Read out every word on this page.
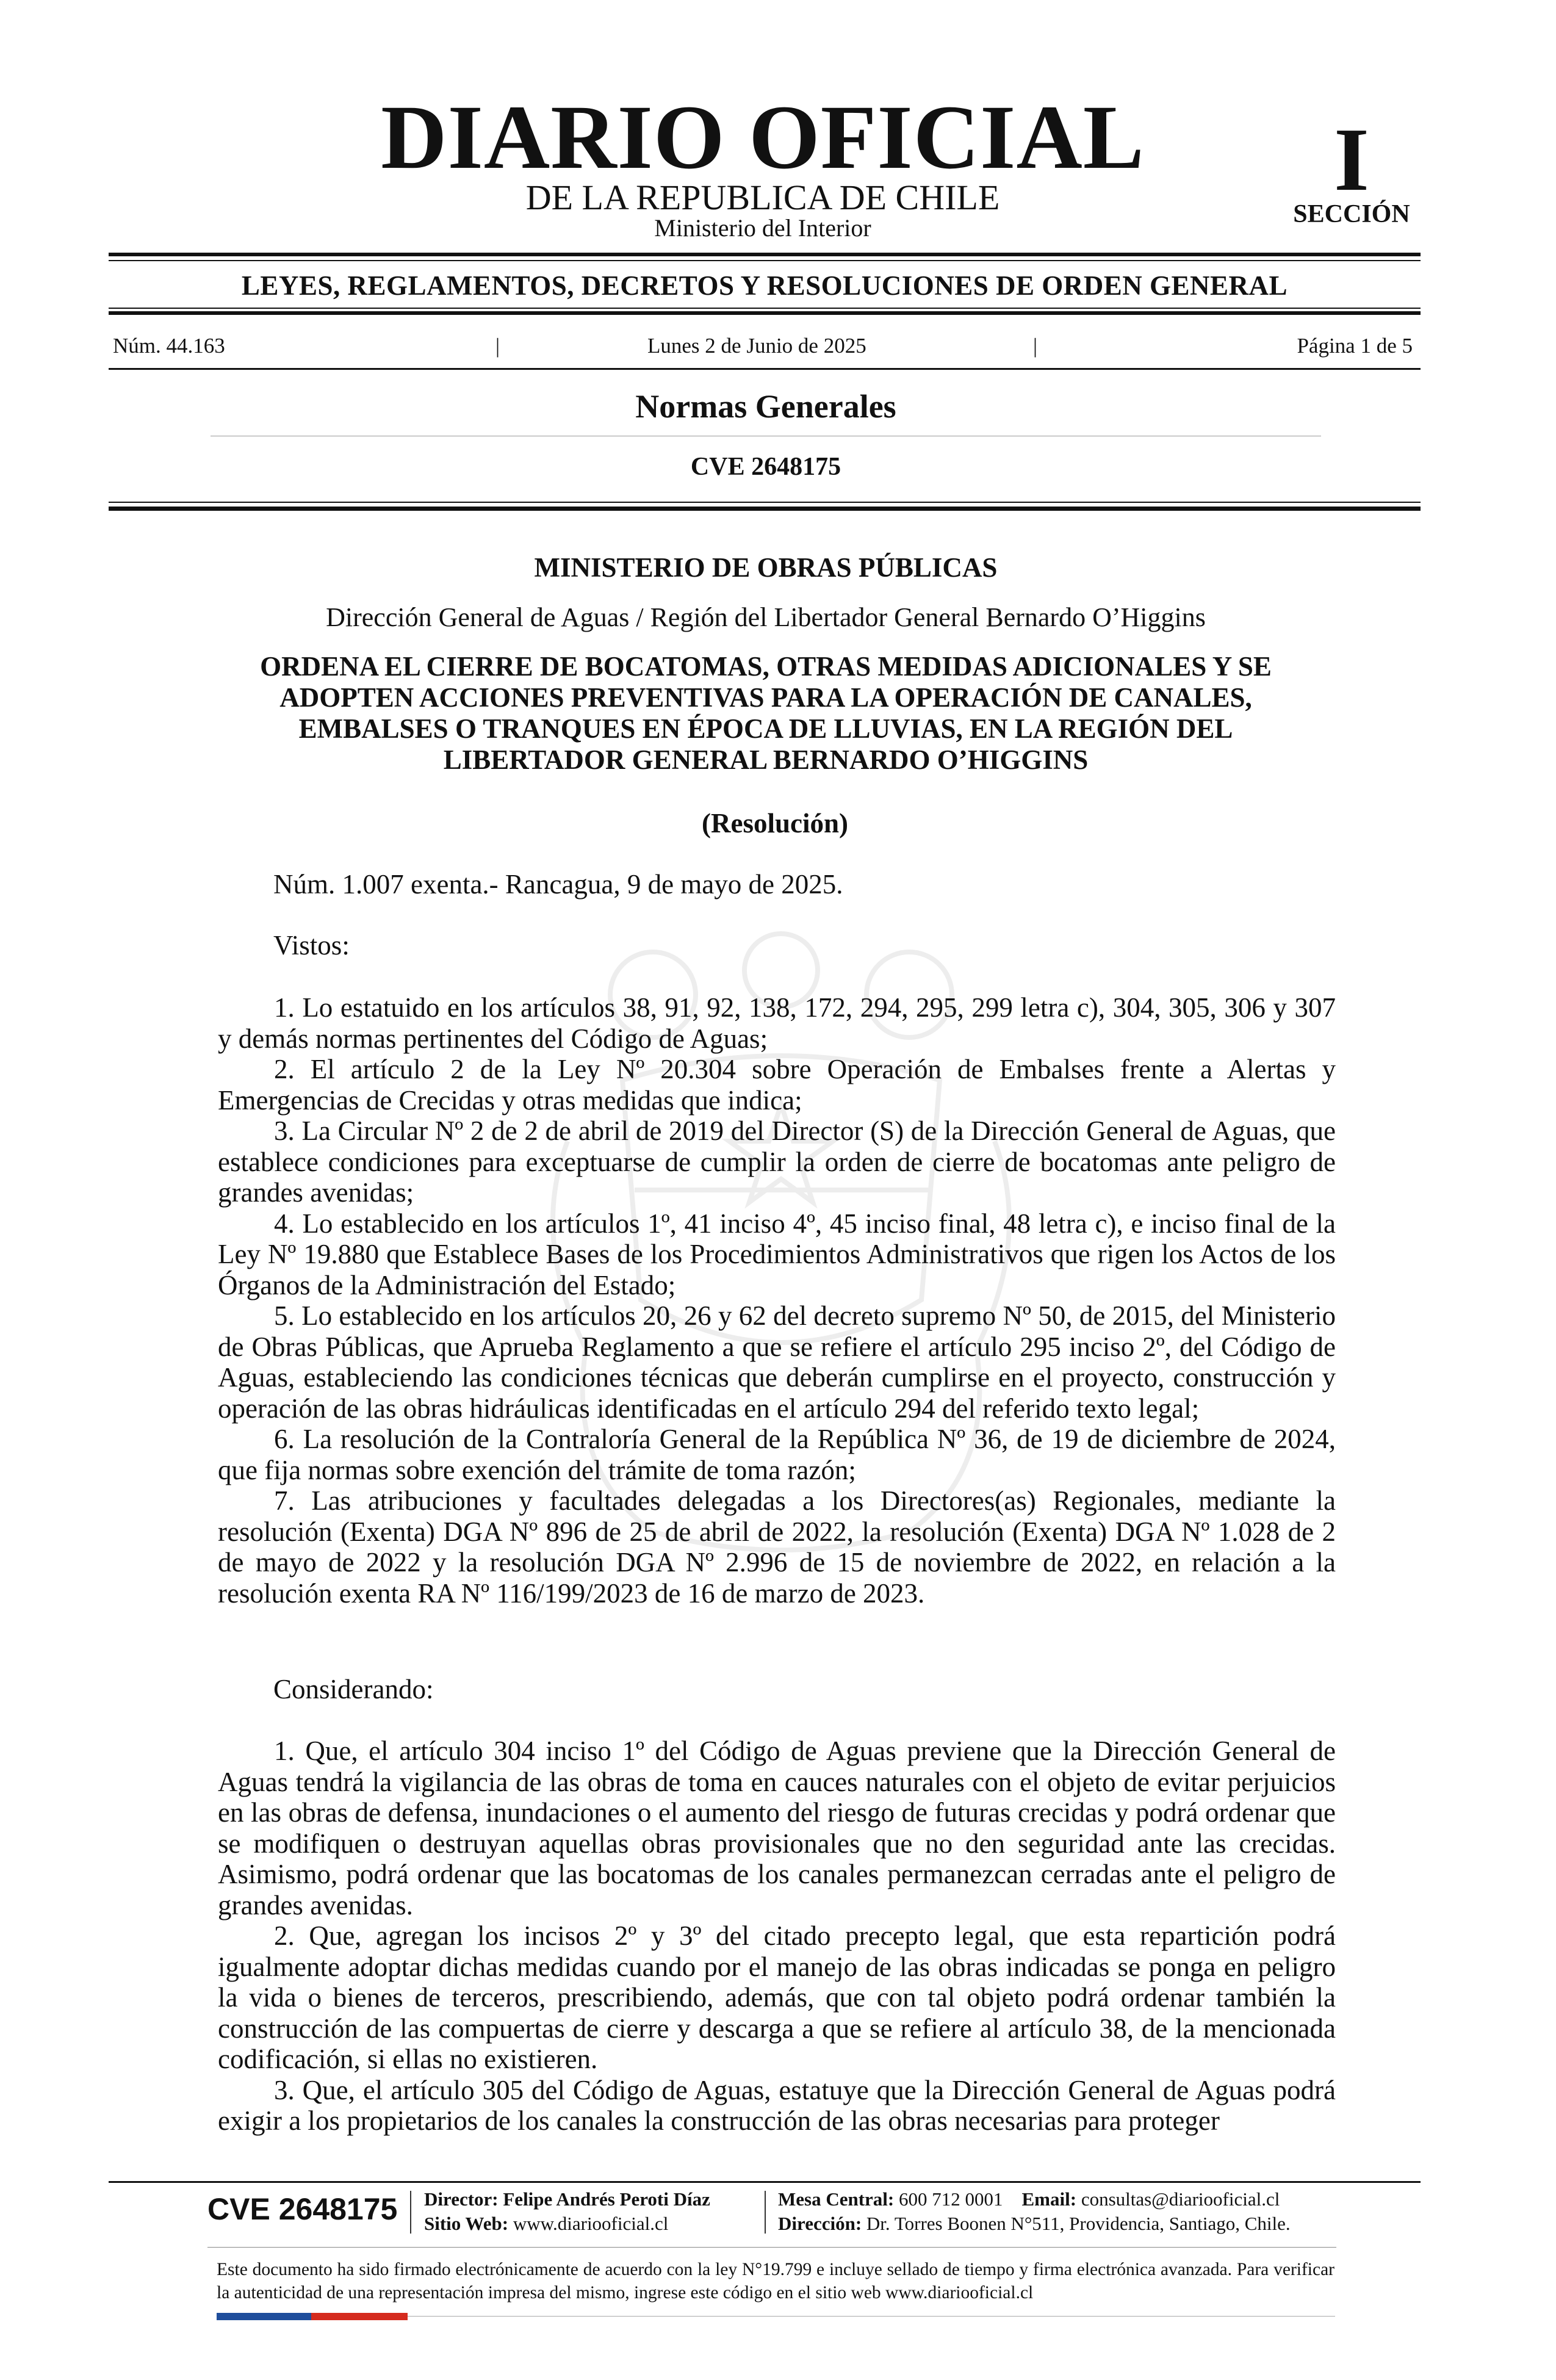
DIARIO OFICIAL
DE LA REPUBLICA DE CHILE
Ministerio del Interior
I
SECCIÓN
LEYES, REGLAMENTOS, DECRETOS Y RESOLUCIONES DE ORDEN GENERAL
Núm. 44.163	|	Lunes 2 de Junio de 2025	|	Página 1 de 5
Normas Generales
CVE 2648175
MINISTERIO DE OBRAS PÚBLICAS
Dirección General de Aguas / Región del Libertador General Bernardo O’Higgins
ORDENA EL CIERRE DE BOCATOMAS, OTRAS MEDIDAS ADICIONALES Y SE
ADOPTEN ACCIONES PREVENTIVAS PARA LA OPERACIÓN DE CANALES,
EMBALSES O TRANQUES EN ÉPOCA DE LLUVIAS, EN LA REGIÓN DEL
LIBERTADOR GENERAL BERNARDO O’HIGGINS
(Resolución)
Núm. 1.007 exenta.- Rancagua, 9 de mayo de 2025.
Vistos:

1. Lo estatuido en los artículos 38, 91, 92, 138, 172, 294, 295, 299 letra c), 304, 305, 306 y 307 y demás normas pertinentes del Código de Aguas;

2. El artículo 2 de la Ley Nº 20.304 sobre Operación de Embalses frente a Alertas y Emergencias de Crecidas y otras medidas que indica;

3. La Circular Nº 2 de 2 de abril de 2019 del Director (S) de la Dirección General de Aguas, que establece condiciones para exceptuarse de cumplir la orden de cierre de bocatomas ante peligro de grandes avenidas;

4. Lo establecido en los artículos 1º, 41 inciso 4º, 45 inciso final, 48 letra c), e inciso final de la Ley Nº 19.880 que Establece Bases de los Procedimientos Administrativos que rigen los Actos de los Órganos de la Administración del Estado;

5. Lo establecido en los artículos 20, 26 y 62 del decreto supremo Nº 50, de 2015, del Ministerio de Obras Públicas, que Aprueba Reglamento a que se refiere el artículo 295 inciso 2º, del Código de Aguas, estableciendo las condiciones técnicas que deberán cumplirse en el proyecto, construcción y operación de las obras hidráulicas identificadas en el artículo 294 del referido texto legal;

6. La resolución de la Contraloría General de la República Nº 36, de 19 de diciembre de 2024, que fija normas sobre exención del trámite de toma razón;

7. Las atribuciones y facultades delegadas a los Directores(as) Regionales, mediante la resolución (Exenta) DGA Nº 896 de 25 de abril de 2022, la resolución (Exenta) DGA Nº 1.028 de 2 de mayo de 2022 y la resolución DGA Nº 2.996 de 15 de noviembre de 2022, en relación a la resolución exenta RA Nº 116/199/2023 de 16 de marzo de 2023.

Considerando:

1. Que, el artículo 304 inciso 1º del Código de Aguas previene que la Dirección General de Aguas tendrá la vigilancia de las obras de toma en cauces naturales con el objeto de evitar perjuicios en las obras de defensa, inundaciones o el aumento del riesgo de futuras crecidas y podrá ordenar que se modifiquen o destruyan aquellas obras provisionales que no den seguridad ante las crecidas. Asimismo, podrá ordenar que las bocatomas de los canales permanezcan cerradas ante el peligro de grandes avenidas.

2. Que, agregan los incisos 2º y 3º del citado precepto legal, que esta repartición podrá igualmente adoptar dichas medidas cuando por el manejo de las obras indicadas se ponga en peligro la vida o bienes de terceros, prescribiendo, además, que con tal objeto podrá ordenar también la construcción de las compuertas de cierre y descarga a que se refiere al artículo 38, de la mencionada codificación, si ellas no existieren.

3. Que, el artículo 305 del Código de Aguas, estatuye que la Dirección General de Aguas podrá exigir a los propietarios de los canales la construcción de las obras necesarias para proteger

CVE 2648175 Director: Felipe Andrés Peroti Díaz
Sitio Web: www.diariooficial.cl
Mesa Central: 600 712 0001 Email: consultas@diariooficial.cl
Dirección: Dr. Torres Boonen N°511, Providencia, Santiago, Chile.
Este documento ha sido firmado electrónicamente de acuerdo con la ley N°19.799 e incluye sellado de tiempo y firma electrónica avanzada. Para verificar la autenticidad de una representación impresa del mismo, ingrese este código en el sitio web www.diariooficial.cl
